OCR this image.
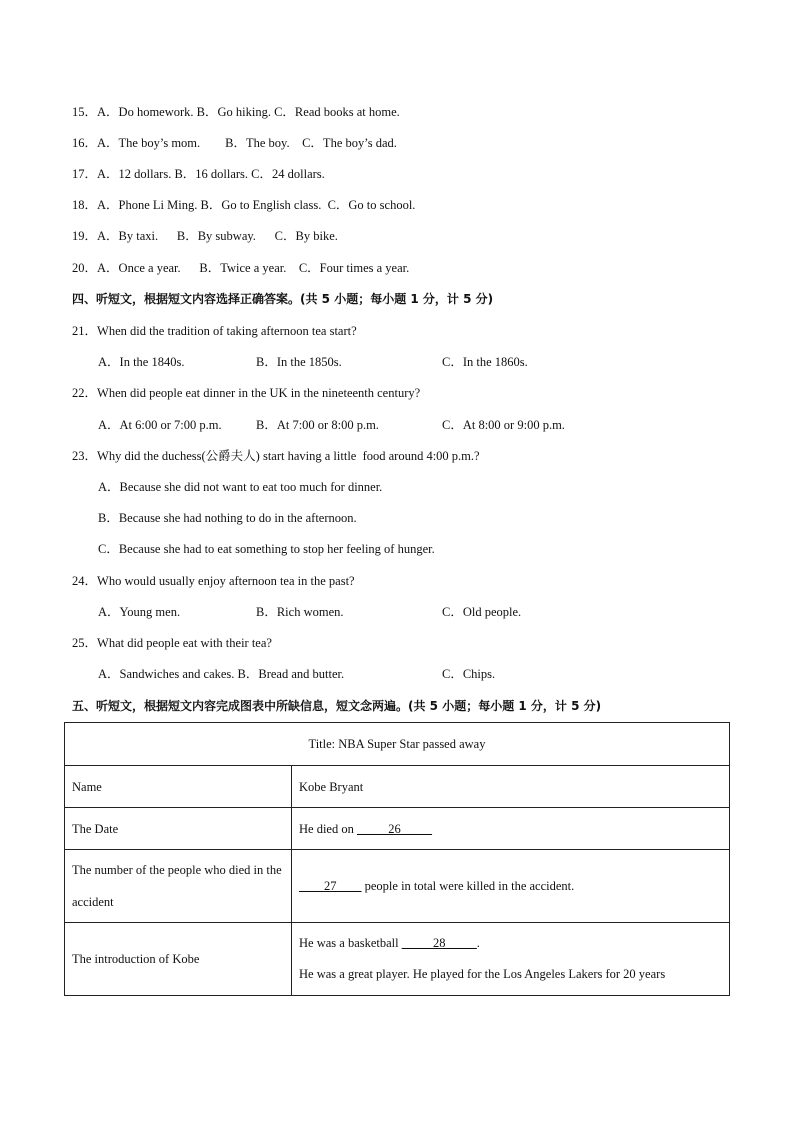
15．A．Do homework. B．Go hiking. C．Read books at home.
16．A．The boy’s mom.        B．The boy.    C．The boy’s dad.
17．A．12 dollars. B．16 dollars. C．24 dollars.
18．A．Phone Li Ming. B．Go to English class.  C．Go to school.
19．A．By taxi.      B．By subway.      C．By bike.
20．A．Once a year.      B．Twice a year.    C．Four times a year.
四、听短文，根据短文内容选择正确答案。(共 5 小题；每小题 1 分，计 5 分)
21．When did the tradition of taking afternoon tea start?
A．In the 1840s.	B．In the 1850s.	C．In the 1860s.
22．When did people eat dinner in the UK in the nineteenth century?
A．At 6:00 or 7:00 p.m.	B．At 7:00 or 8:00 p.m.	C．At 8:00 or 9:00 p.m.
23．Why did the duchess(公爵夫人) start having a little  food around 4:00 p.m.?
A．Because she did not want to eat too much for dinner.
B．Because she had nothing to do in the afternoon.
C．Because she had to eat something to stop her feeling of hunger.
24．Who would usually enjoy afternoon tea in the past?
A．Young men.	B．Rich women.	C．Old people.
25．What did people eat with their tea?
A．Sandwiches and cakes. B．Bread and butter.	C．Chips.
五、听短文，根据短文内容完成图表中所缺信息，短文念两遍。(共 5 小题；每小题 1 分，计 5 分)
Title: NBA Super Star passed away	
Name	Kobe Bryant
The Date	He died on _____26_____
The number of the people who died in the accident	____27____ people in total were killed in the accident.
The introduction of Kobe	He was a basketball _____28_____.
He was a great player. He played for the Los Angeles Lakers for 20 years
